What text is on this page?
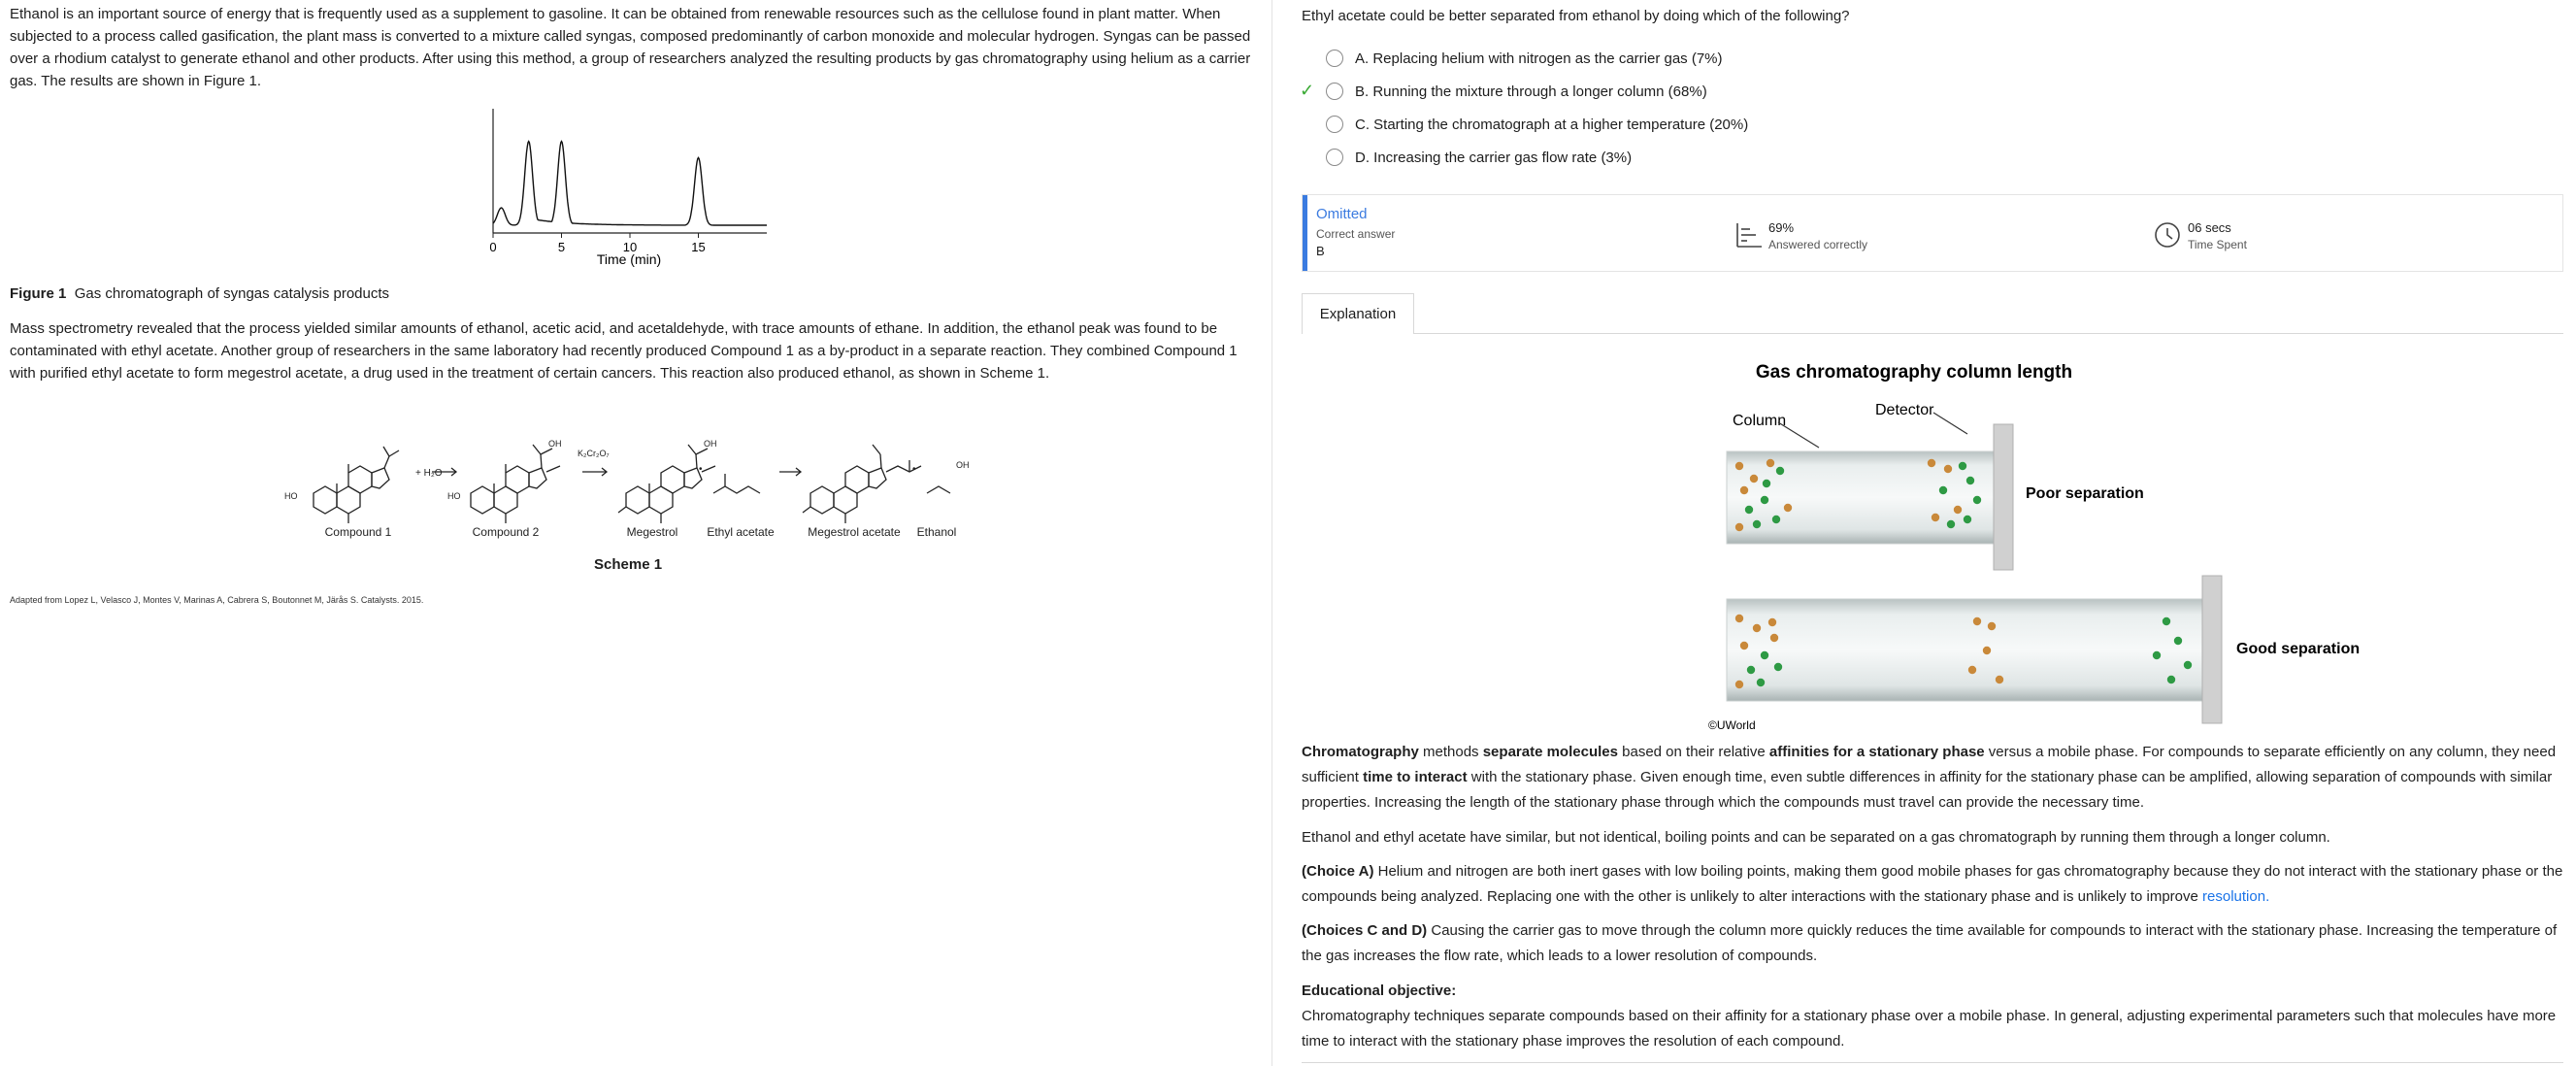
Ethanol is an important source of energy that is frequently used as a supplement to gasoline. It can be obtained from renewable resources such as the cellulose found in plant matter. When subjected to a process called gasification, the plant mass is converted to a mixture called syngas, composed predominantly of carbon monoxide and molecular hydrogen. Syngas can be passed over a rhodium catalyst to generate ethanol and other products. After using this method, a group of researchers analyzed the resulting products by gas chromatography using helium as a carrier gas. The results are shown in Figure 1.
0	5	10	15
Time (min)
Figure 1 Gas chromatograph of syngas catalysis products
Mass spectrometry revealed that the process yielded similar amounts of ethanol, acetic acid, and acetaldehyde, with trace amounts of ethane. In addition, the ethanol peak was found to be contaminated with ethyl acetate. Another group of researchers in the same laboratory had recently produced Compound 1 as a by-product in a separate reaction. They combined Compound 1 with purified ethyl acetate to form megestrol acetate, a drug used in the treatment of certain cancers. This reaction also produced ethanol, as shown in Scheme 1.
+ H₂O
K₂Cr₂O₇
HO	HO
OH	OH
OH
•	•
Compound 1	Compound 2	Megestrol Ethyl acetate	Megestrol acetate Ethanol
Scheme 1
Adapted from Lopez L, Velasco J, Montes V, Marinas A, Cabrera S, Boutonnet M, Järås S. Catalysts. 2015.
Ethyl acetate could be better separated from ethanol by doing which of the following?
A. Replacing helium with nitrogen as the carrier gas (7%)
✓	B. Running the mixture through a longer column (68%)
C. Starting the chromatograph at a higher temperature (20%)
D. Increasing the carrier gas flow rate (3%)
Omitted
Correct answer
B
69%
Answered correctly
06 secs
Time Spent
Explanation
Gas chromatography column length
Column
Detector
Poor separation
Good separation
©UWorld
Chromatography methods separate molecules based on their relative affinities for a stationary phase versus a mobile phase. For compounds to separate efficiently on any column, they need sufficient time to interact with the stationary phase. Given enough time, even subtle differences in affinity for the stationary phase can be amplified, allowing separation of compounds with similar properties. Increasing the length of the stationary phase through which the compounds must travel can provide the necessary time.
Ethanol and ethyl acetate have similar, but not identical, boiling points and can be separated on a gas chromatograph by running them through a longer column.
(Choice A) Helium and nitrogen are both inert gases with low boiling points, making them good mobile phases for gas chromatography because they do not interact with the stationary phase or the compounds being analyzed. Replacing one with the other is unlikely to alter interactions with the stationary phase and is unlikely to improve resolution.
(Choices C and D) Causing the carrier gas to move through the column more quickly reduces the time available for compounds to interact with the stationary phase. Increasing the temperature of the gas increases the flow rate, which leads to a lower resolution of compounds.
Educational objective:
Chromatography techniques separate compounds based on their affinity for a stationary phase over a mobile phase. In general, adjusting experimental parameters such that molecules have more time to interact with the stationary phase improves the resolution of each compound.
